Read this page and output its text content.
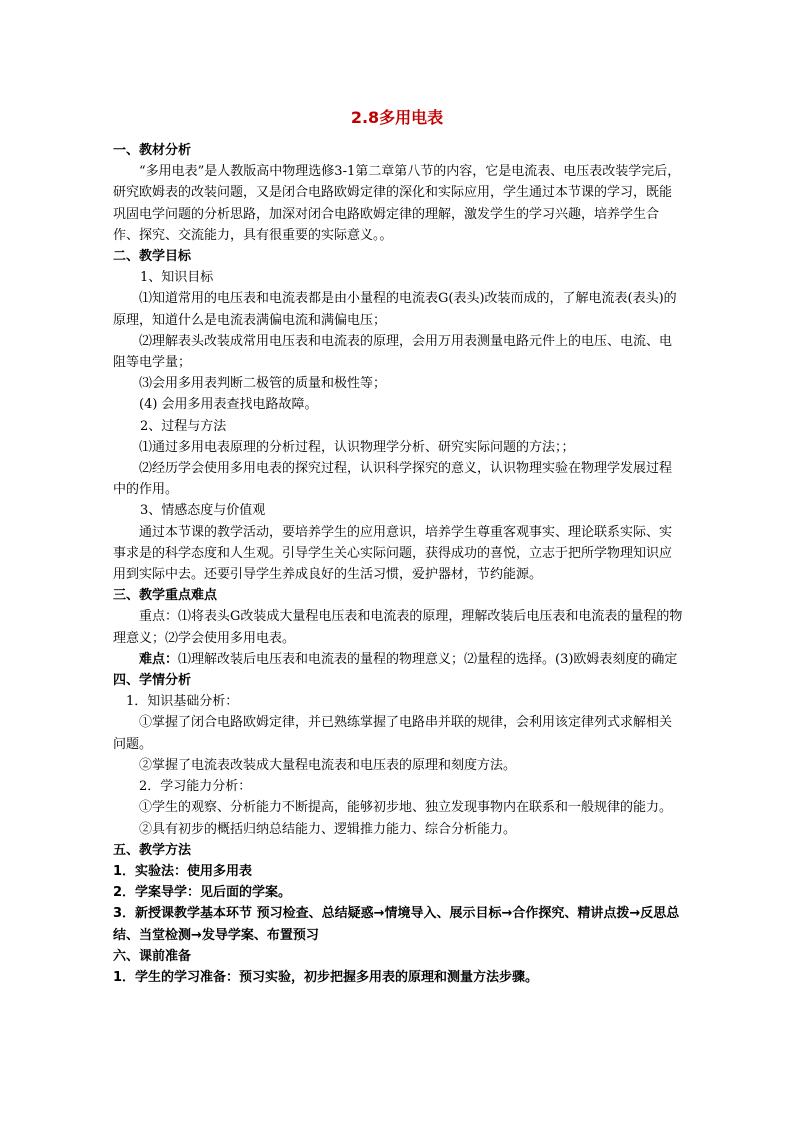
2.8多用电表
一、教材分析
“多用电表”是人教版高中物理选修3-1第二章第八节的内容，它是电流表、电压表改装学完后，研究欧姆表的改装问题，又是闭合电路欧姆定律的深化和实际应用，学生通过本节课的学习，既能巩固电学问题的分析思路，加深对闭合电路欧姆定律的理解，激发学生的学习兴趣，培养学生合作、探究、交流能力，具有很重要的实际意义。。
二、教学目标
1、知识目标
⑴知道常用的电压表和电流表都是由小量程的电流表G(表头)改装而成的，了解电流表(表头)的原理，知道什么是电流表满偏电流和满偏电压；
⑵理解表头改装成常用电压表和电流表的原理，会用万用表测量电路元件上的电压、电流、电阻等电学量；
⑶会用多用表判断二极管的质量和极性等；
(4) 会用多用表查找电路故障。
2、过程与方法
⑴通过多用电表原理的分析过程，认识物理学分析、研究实际问题的方法；；
⑵经历学会使用多用电表的探究过程，认识科学探究的意义，认识物理实验在物理学发展过程中的作用。
3、情感态度与价值观
通过本节课的教学活动，要培养学生的应用意识，培养学生尊重客观事实、理论联系实际、实事求是的科学态度和人生观。引导学生关心实际问题，获得成功的喜悦，立志于把所学物理知识应用到实际中去。还要引导学生养成良好的生活习惯，爱护器材，节约能源。
三、教学重点难点
重点：⑴将表头G改装成大量程电压表和电流表的原理，理解改装后电压表和电流表的量程的物理意义；⑵学会使用多用电表。
难点：⑴理解改装后电压表和电流表的量程的物理意义；⑵量程的选择。(3)欧姆表刻度的确定
四、学情分析
1．知识基础分析：
①掌握了闭合电路欧姆定律，并已熟练掌握了电路串并联的规律，会利用该定律列式求解相关问题。
②掌握了电流表改装成大量程电流表和电压表的原理和刻度方法。
2．学习能力分析：
①学生的观察、分析能力不断提高，能够初步地、独立发现事物内在联系和一般规律的能力。
②具有初步的概括归纳总结能力、逻辑推力能力、综合分析能力。
五、教学方法
1．实验法：使用多用表
2．学案导学：见后面的学案。
3．新授课教学基本环节 预习检查、总结疑惑→情境导入、展示目标→合作探究、精讲点拨→反思总结、当堂检测→发导学案、布置预习
六、课前准备
1．学生的学习准备：预习实验，初步把握多用表的原理和测量方法步骤。
